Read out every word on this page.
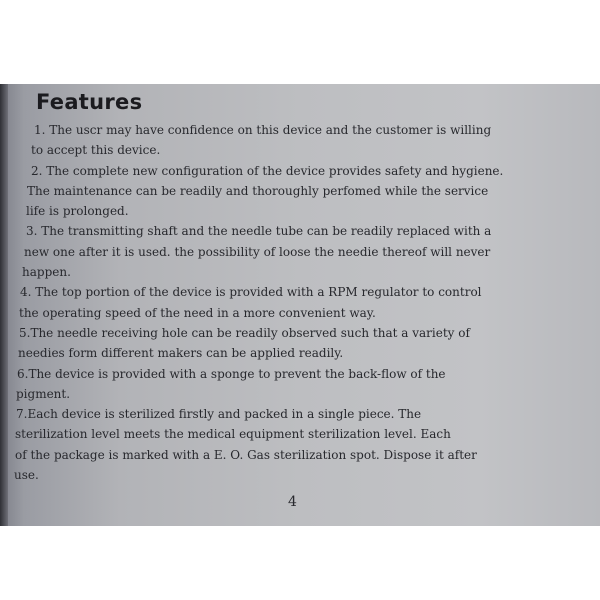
Features
1. The uscr may have confidence on this device and the customer is willing
to accept this device.
2. The complete new configuration of the device provides safety and hygiene.
The maintenance can be readily and thoroughly perfomed while the service
life is prolonged.
3. The transmitting shaft and the needle tube can be readily replaced with a
new one after it is used. the possibility of loose the needie thereof will never
happen.
4. The top portion of the device is provided with a RPM regulator to control
the operating speed of the need in a more convenient way.
5.The needle receiving hole can be readily observed such that a variety of
needies form different makers can be applied readily.
6.The device is provided with a sponge to prevent the back-flow of the
pigment.
7.Each device is sterilized firstly and packed in a single piece. The
sterilization level meets the medical equipment sterilization level. Each
of the package is marked with a E. O. Gas sterilization spot. Dispose it after
use.
4
